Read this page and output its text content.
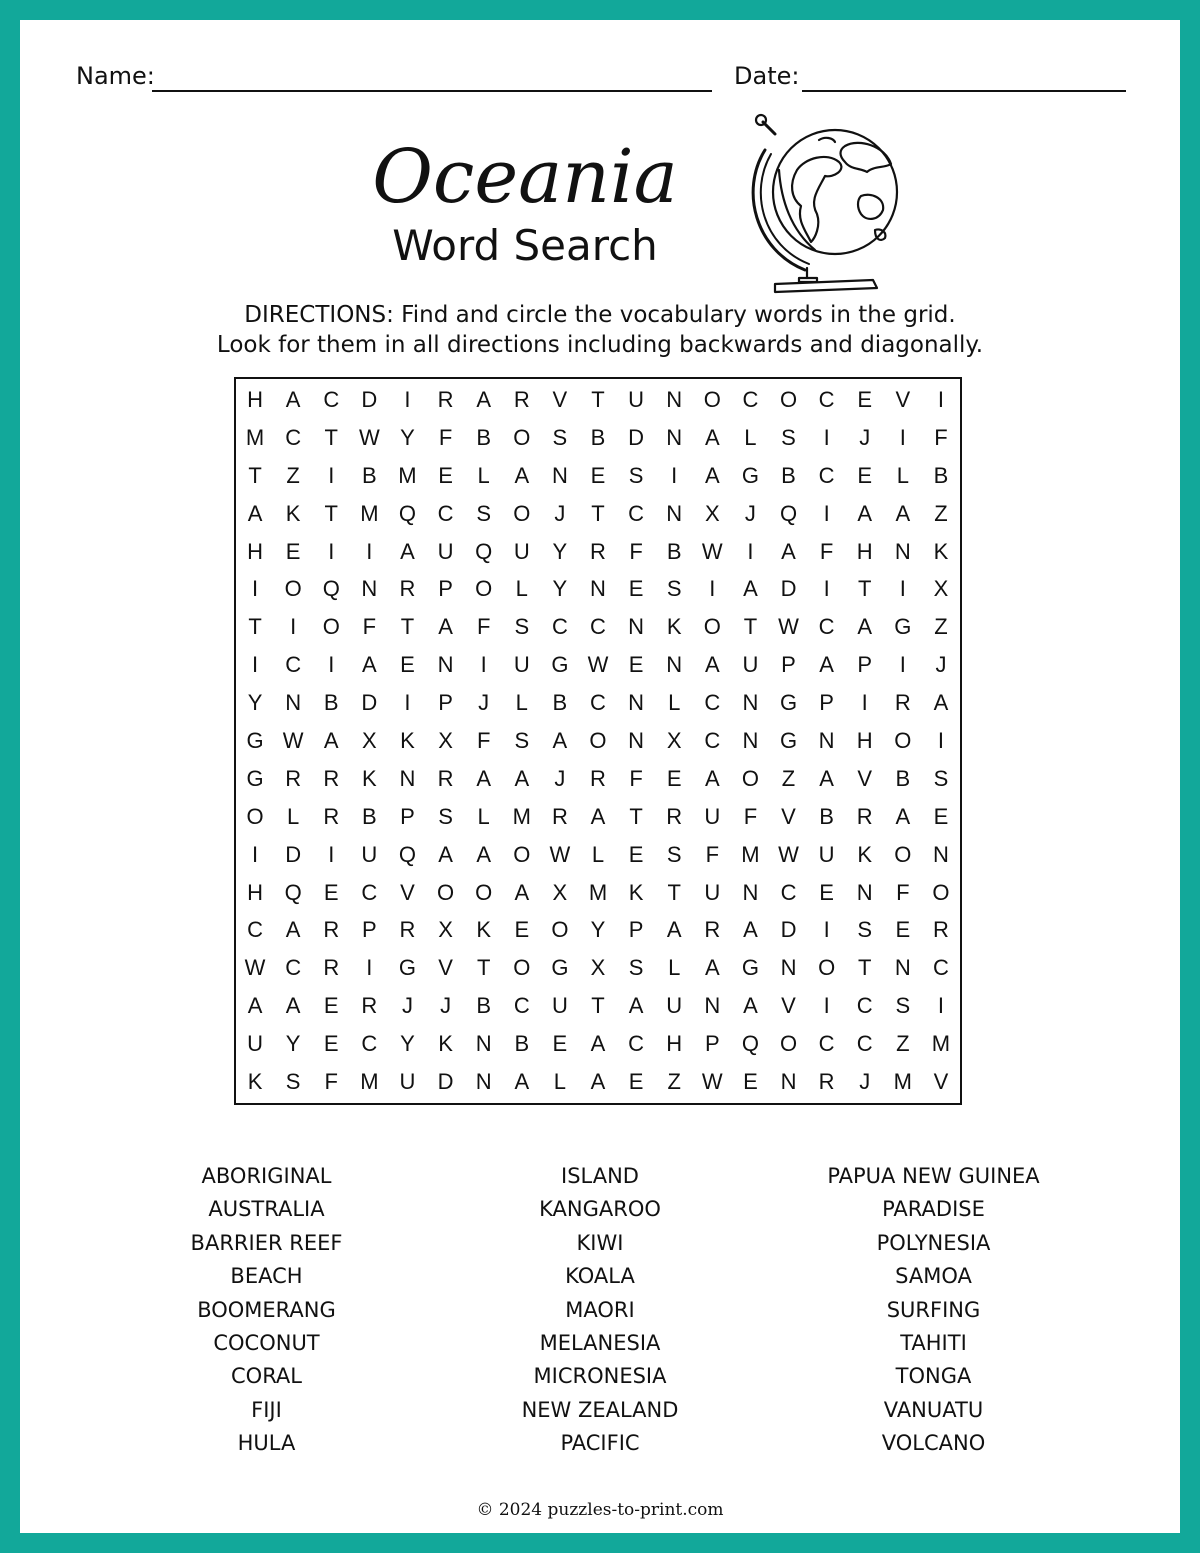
Name:	Date:
Oceania
Word Search
DIRECTIONS: Find and circle the vocabulary words in the grid.
Look for them in all directions including backwards and diagonally.
H	A	C	D	I	R	A	R	V	T	U	N O C O C	E	V	I
M C	T W Y	F	B	O	S	B	D	N	A	L	S	I	J	I	F
T	Z	I	B M E	L	A	N	E	S	I	A	G	B	C	E	L	B
A	K	T	M Q C	S	O	J	T	C	N	X	J	Q	I	A	A	Z
H	E	I	I	A	U Q U	Y	R	F	B W	I	A	F	H	N	K
I	O Q N	R	P	O	L	Y	N	E	S	I	A	D	I	T	I	X
T	I	O	F	T	A	F	S	C	C	N	K	O	T W C	A	G	Z
I	C	I	A	E	N	I	U G W E	N	A	U	P	A	P	I	J
Y	N	B	D	I	P	J	L	B	C	N	L	C	N G	P	I	R	A
G W A	X	K	X	F	S	A	O N	X	C	N G N	H O	I
G R	R	K	N	R	A	A	J	R	F	E	A	O	Z	A	V	B	S
O	L	R	B	P	S	L	M R	A	T	R	U	F	V	B	R	A	E
I	D	I	U Q	A	A	O W L	E	S	F	M W U	K	O N
H Q	E	C	V	O O	A	X M K	T	U	N	C	E	N	F	O
C	A	R	P	R	X	K	E	O	Y	P	A	R	A	D	I	S	E	R
W C	R	I	G	V	T	O G	X	S	L	A	G N O	T	N	C
A	A	E	R	J	J	B	C	U	T	A	U	N	A	V	I	C	S	I
U	Y	E	C	Y	K	N	B	E	A	C	H	P	Q O C	C	Z	M
K	S	F	M U	D	N	A	L	A	E	Z W E	N	R	J	M V
ABORIGINAL
AUSTRALIA
BARRIER REEF
BEACH
BOOMERANG
COCONUT
CORAL
FIJI
HULA
ISLAND
KANGAROO
KIWI
KOALA
MAORI
MELANESIA
MICRONESIA
NEW ZEALAND
PACIFIC
PAPUA NEW GUINEA
PARADISE
POLYNESIA
SAMOA
SURFING
TAHITI
TONGA
VANUATU
VOLCANO
© 2024 puzzles-to-print.com
